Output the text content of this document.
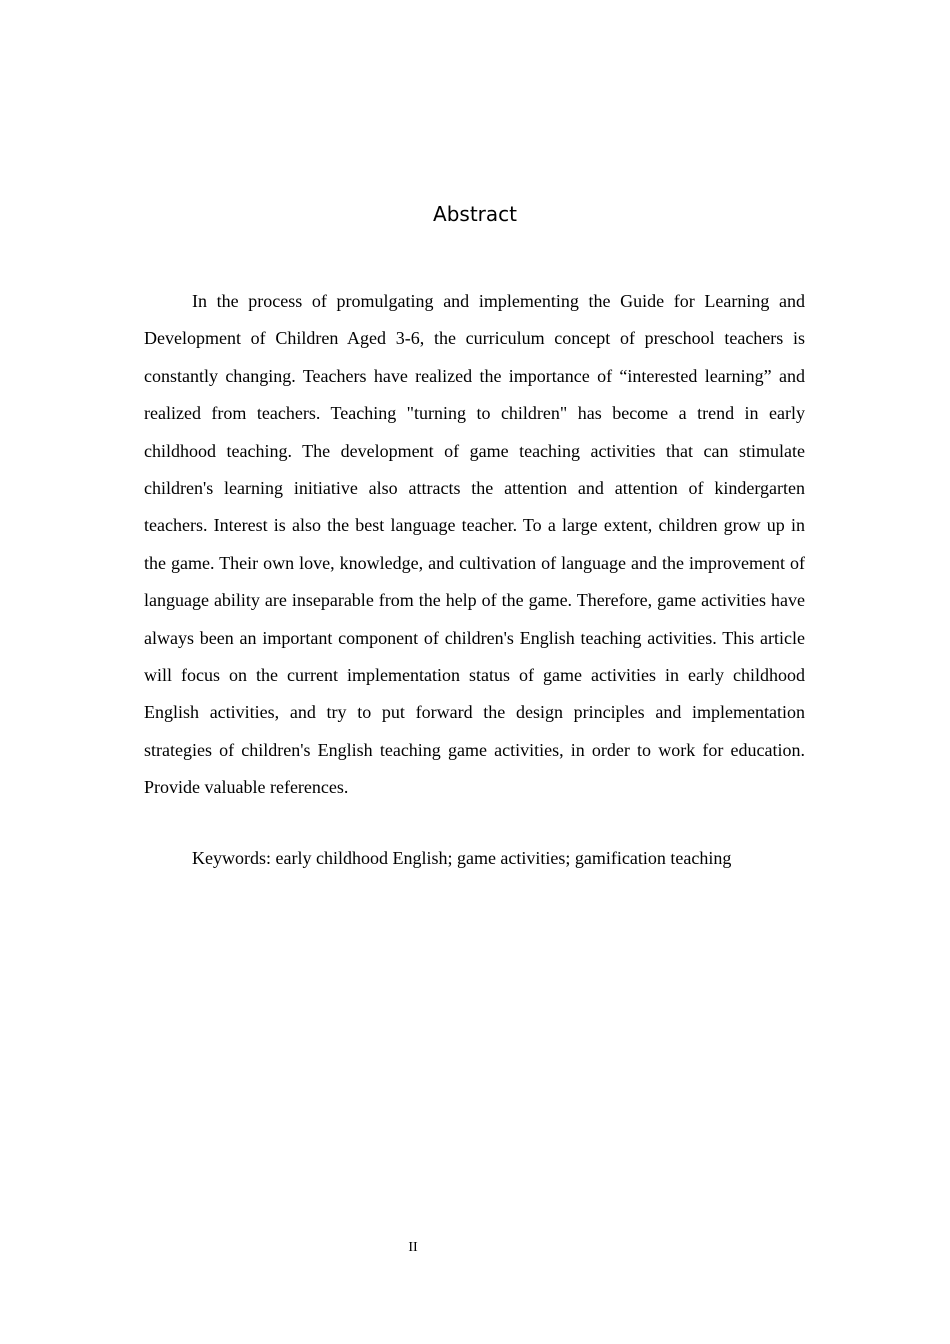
Abstract

In the process of promulgating and implementing the Guide for Learning and Development of Children Aged 3-6, the curriculum concept of preschool teachers is constantly changing. Teachers have realized the importance of “interested learning” and realized from teachers. Teaching "turning to children" has become a trend in early childhood teaching. The development of game teaching activities that can stimulate children's learning initiative also attracts the attention and attention of kindergarten teachers. Interest is also the best language teacher. To a large extent, children grow up in the game. Their own love, knowledge, and cultivation of language and the improvement of language ability are inseparable from the help of the game. Therefore, game activities have always been an important component of children's English teaching activities. This article will focus on the current implementation status of game activities in early childhood English activities, and try to put forward the design principles and implementation strategies of children's English teaching game activities, in order to work for education. Provide valuable references.

Keywords: early childhood English; game activities; gamification teaching

II
